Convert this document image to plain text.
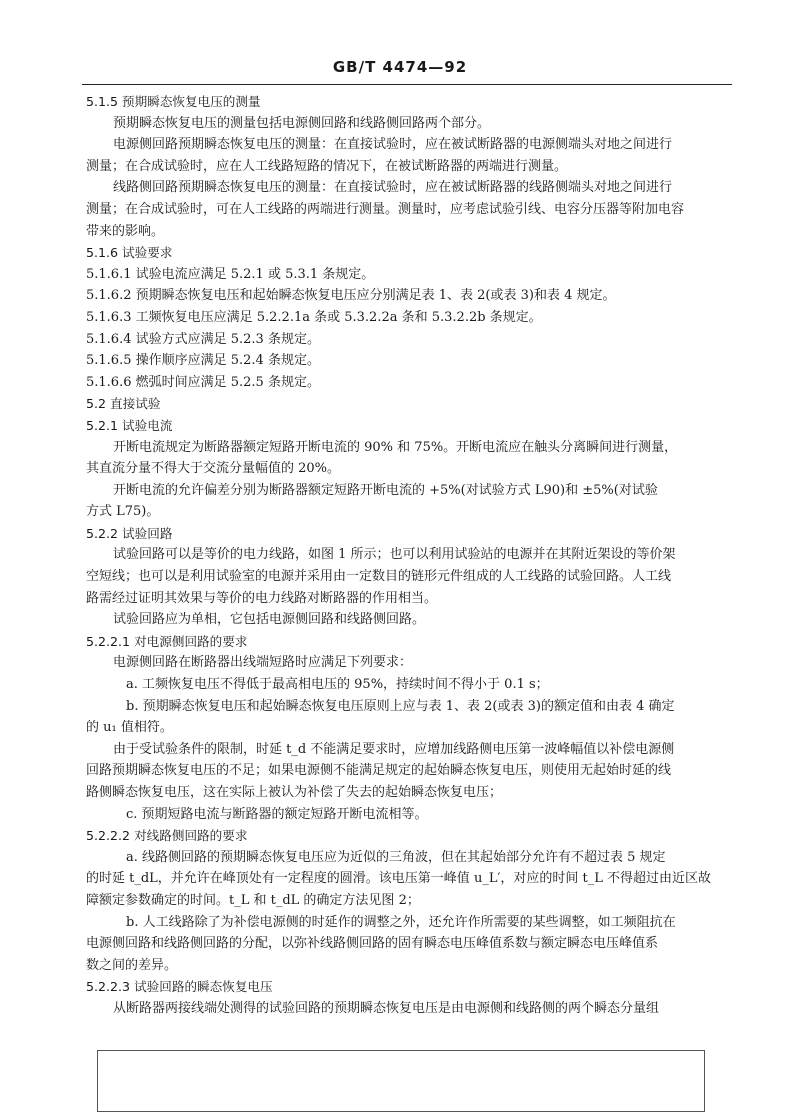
GB/T 4474—92
5.1.5 预期瞬态恢复电压的测量
预期瞬态恢复电压的测量包括电源侧回路和线路侧回路两个部分。
电源侧回路预期瞬态恢复电压的测量：在直接试验时，应在被试断路器的电源侧端头对地之间进行
测量；在合成试验时，应在人工线路短路的情况下，在被试断路器的两端进行测量。
线路侧回路预期瞬态恢复电压的测量：在直接试验时，应在被试断路器的线路侧端头对地之间进行
测量；在合成试验时，可在人工线路的两端进行测量。测量时，应考虑试验引线、电容分压器等附加电容
带来的影响。
5.1.6 试验要求
5.1.6.1 试验电流应满足 5.2.1 或 5.3.1 条规定。
5.1.6.2 预期瞬态恢复电压和起始瞬态恢复电压应分别满足表 1、表 2(或表 3)和表 4 规定。
5.1.6.3 工频恢复电压应满足 5.2.2.1a 条或 5.3.2.2a 条和 5.3.2.2b 条规定。
5.1.6.4 试验方式应满足 5.2.3 条规定。
5.1.6.5 操作顺序应满足 5.2.4 条规定。
5.1.6.6 燃弧时间应满足 5.2.5 条规定。
5.2 直接试验
5.2.1 试验电流
开断电流规定为断路器额定短路开断电流的 90% 和 75%。开断电流应在触头分离瞬间进行测量，
其直流分量不得大于交流分量幅值的 20%。
开断电流的允许偏差分别为断路器额定短路开断电流的 +5%(对试验方式 L90)和 ±5%(对试验
方式 L75)。
5.2.2 试验回路
试验回路可以是等价的电力线路，如图 1 所示；也可以利用试验站的电源并在其附近架设的等价架
空短线；也可以是利用试验室的电源并采用由一定数目的链形元件组成的人工线路的试验回路。人工线
路需经过证明其效果与等价的电力线路对断路器的作用相当。
试验回路应为单相，它包括电源侧回路和线路侧回路。
5.2.2.1 对电源侧回路的要求
电源侧回路在断路器出线端短路时应满足下列要求：
a. 工频恢复电压不得低于最高相电压的 95%，持续时间不得小于 0.1 s；
b. 预期瞬态恢复电压和起始瞬态恢复电压原则上应与表 1、表 2(或表 3)的额定值和由表 4 确定
的 u₁ 值相符。
由于受试验条件的限制，时延 t_d 不能满足要求时，应增加线路侧电压第一波峰幅值以补偿电源侧
回路预期瞬态恢复电压的不足；如果电源侧不能满足规定的起始瞬态恢复电压，则使用无起始时延的线
路侧瞬态恢复电压，这在实际上被认为补偿了失去的起始瞬态恢复电压；
c. 预期短路电流与断路器的额定短路开断电流相等。
5.2.2.2 对线路侧回路的要求
a. 线路侧回路的预期瞬态恢复电压应为近似的三角波，但在其起始部分允许有不超过表 5 规定
的时延 t_dL，并允许在峰顶处有一定程度的圆滑。该电压第一峰值 u_L′，对应的时间 t_L 不得超过由近区故
障额定参数确定的时间。t_L 和 t_dL 的确定方法见图 2；
b. 人工线路除了为补偿电源侧的时延作的调整之外，还允许作所需要的某些调整，如工频阻抗在
电源侧回路和线路侧回路的分配，以弥补线路侧回路的固有瞬态电压峰值系数与额定瞬态电压峰值系
数之间的差异。
5.2.2.3 试验回路的瞬态恢复电压
从断路器两接线端处测得的试验回路的预期瞬态恢复电压是由电源侧和线路侧的两个瞬态分量组
